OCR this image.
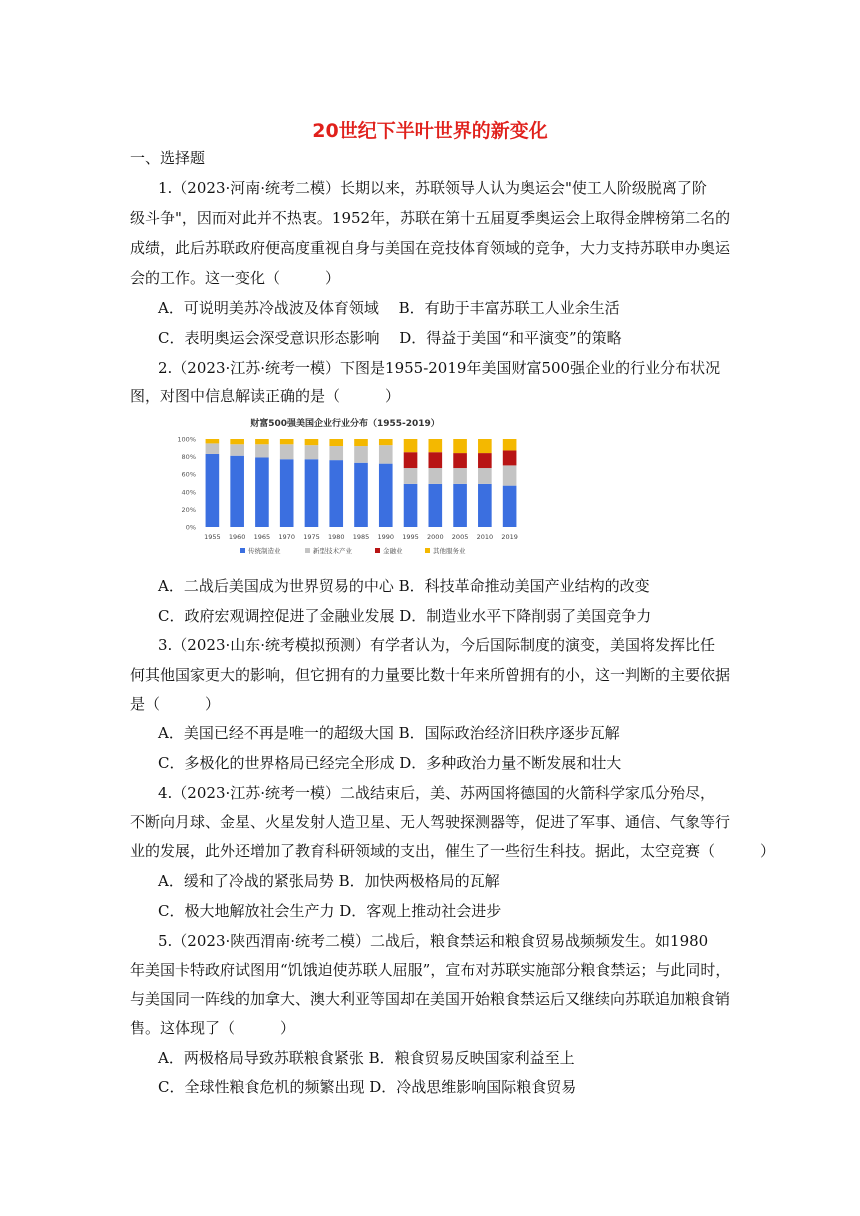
20世纪下半叶世界的新变化
一、选择题
1.（2023·河南·统考二模）长期以来，苏联领导人认为奥运会"使工人阶级脱离了阶
级斗争"，因而对此并不热衷。1952年，苏联在第十五届夏季奥运会上取得金牌榜第二名的
成绩，此后苏联政府便高度重视自身与美国在竞技体育领域的竞争，大力支持苏联申办奥运
会的工作。这一变化（　　　）
A．可说明美苏冷战波及体育领域　 B．有助于丰富苏联工人业余生活
C．表明奥运会深受意识形态影响　 D．得益于美国“和平演变”的策略
2.（2023·江苏·统考一模）下图是1955-2019年美国财富500强企业的行业分布状况
图，对图中信息解读正确的是（　　　）
财富500强美国企业行业分布（1955-2019）
100%
80%
60%
40%
20%
0%
1955 1960 1965 1970 1975 1980 1985 1990 1995 2000 2005 2010 2019
传统制造业	新型技术产业	金融业	其他服务业
A．二战后美国成为世界贸易的中心 B．科技革命推动美国产业结构的改变
C．政府宏观调控促进了金融业发展 D．制造业水平下降削弱了美国竞争力
3.（2023·山东·统考模拟预测）有学者认为，今后国际制度的演变，美国将发挥比任
何其他国家更大的影响，但它拥有的力量要比数十年来所曾拥有的小，这一判断的主要依据
是（　　　）
A．美国已经不再是唯一的超级大国 B．国际政治经济旧秩序逐步瓦解
C．多极化的世界格局已经完全形成 D．多种政治力量不断发展和壮大
4.（2023·江苏·统考一模）二战结束后，美、苏两国将德国的火箭科学家瓜分殆尽，
不断向月球、金星、火星发射人造卫星、无人驾驶探测器等，促进了军事、通信、气象等行
业的发展，此外还增加了教育科研领域的支出，催生了一些衍生科技。据此，太空竞赛（　　　）
A．缓和了冷战的紧张局势 B．加快两极格局的瓦解
C．极大地解放社会生产力 D．客观上推动社会进步
5.（2023·陕西渭南·统考二模）二战后，粮食禁运和粮食贸易战频频发生。如1980
年美国卡特政府试图用“饥饿迫使苏联人屈服”，宣布对苏联实施部分粮食禁运；与此同时，
与美国同一阵线的加拿大、澳大利亚等国却在美国开始粮食禁运后又继续向苏联追加粮食销
售。这体现了（　　　）
A．两极格局导致苏联粮食紧张 B．粮食贸易反映国家利益至上
C．全球性粮食危机的频繁出现 D．冷战思维影响国际粮食贸易
